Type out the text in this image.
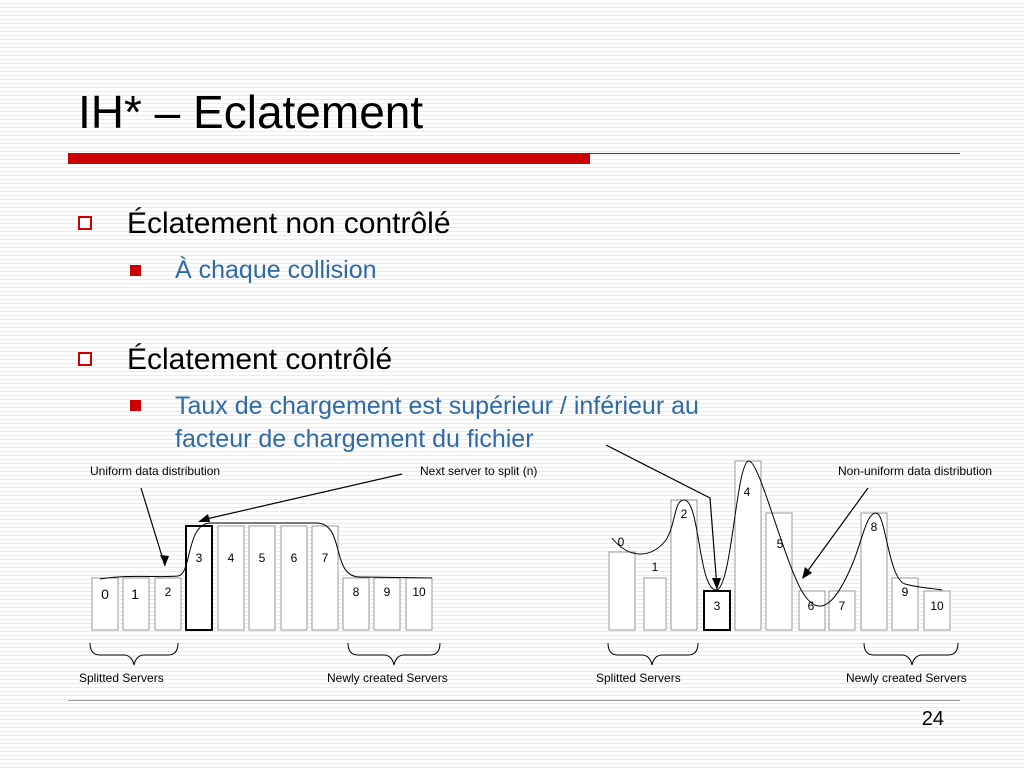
IH* – Eclatement
Éclatement non contrôlé
À chaque collision
Éclatement contrôlé
Taux de chargement est supérieur / inférieur au
facteur de chargement du fichier
0 1 2
3 4 5 6 7
8 9 10
Uniform data distribution	Next server to split (n)
Splitted Servers	Newly created Servers
0
1
2
3
4
5
6 7
8
9
10
Non-uniform data distribution
Splitted Servers	Newly created Servers
24
